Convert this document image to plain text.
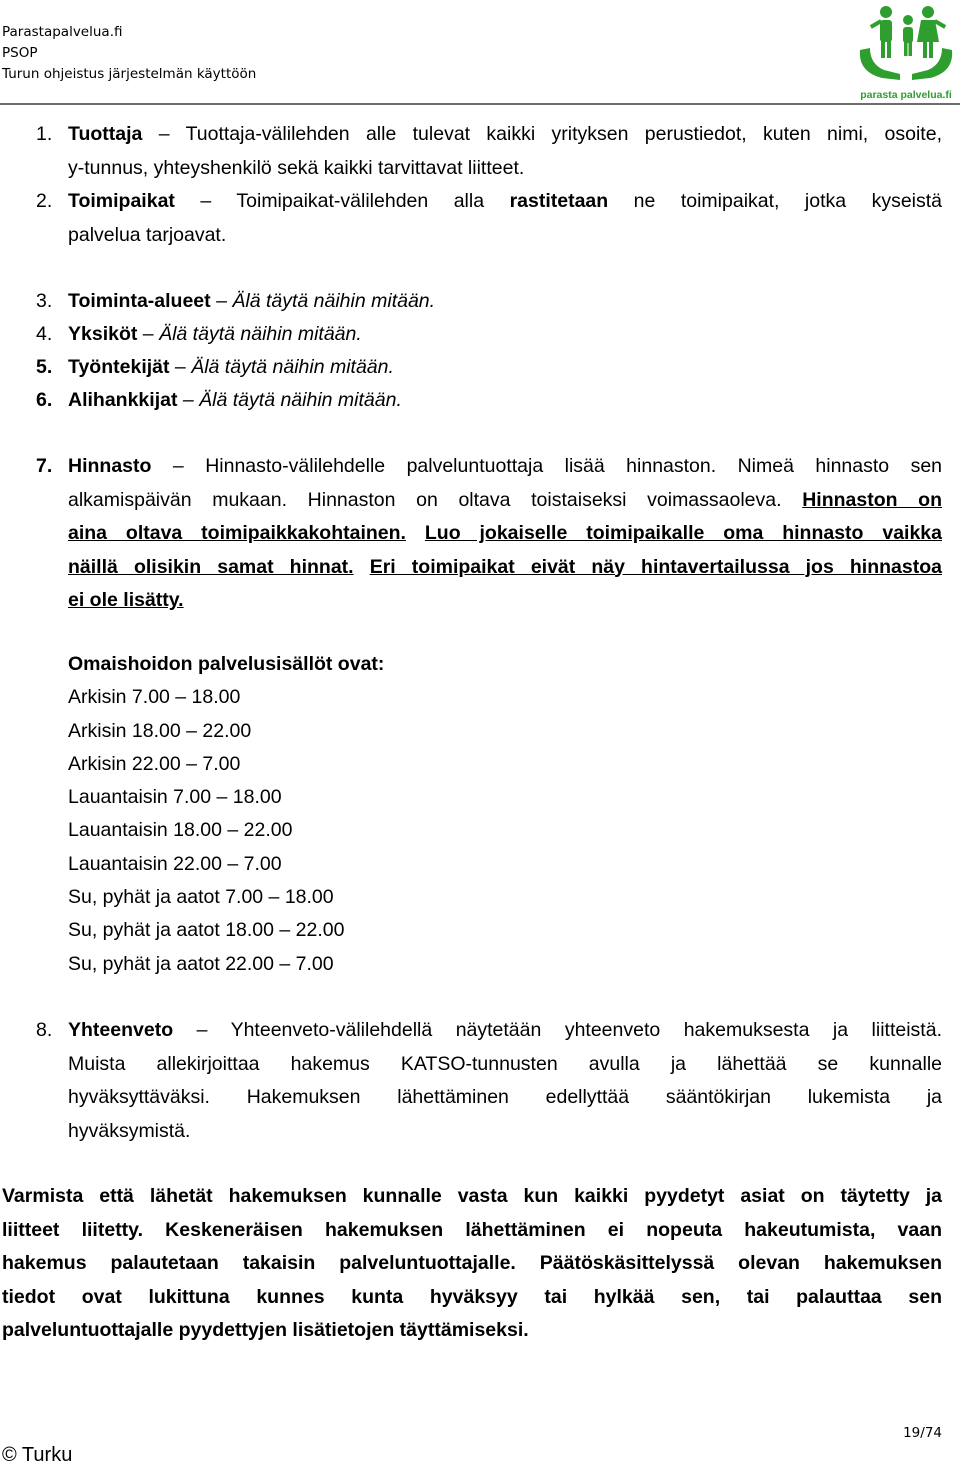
Parastapalvelua.fi
PSOP
Turun ohjeistus järjestelmän käyttöön
parasta palvelua.fi
1. Tuottaja – Tuottaja-välilehden alle tulevat kaikki yrityksen perustiedot, kuten nimi, osoite,
y-tunnus, yhteyshenkilö sekä kaikki tarvittavat liitteet.
2. Toimipaikat – Toimipaikat-välilehden alla rastitetaan ne toimipaikat, jotka kyseistä
palvelua tarjoavat.
3. Toiminta-alueet – Älä täytä näihin mitään.
4. Yksiköt – Älä täytä näihin mitään.
5. Työntekijät – Älä täytä näihin mitään.
6. Alihankkijat – Älä täytä näihin mitään.
7. Hinnasto – Hinnasto-välilehdelle palveluntuottaja lisää hinnaston. Nimeä hinnasto sen
alkamispäivän mukaan. Hinnaston on oltava toistaiseksi voimassaoleva. Hinnaston on
aina oltava toimipaikkakohtainen. Luo jokaiselle toimipaikalle oma hinnasto vaikka
näillä olisikin samat hinnat. Eri toimipaikat eivät näy hintavertailussa jos hinnastoa
ei ole lisätty.
Omaishoidon palvelusisällöt ovat:
Arkisin 7.00 – 18.00
Arkisin 18.00 – 22.00
Arkisin 22.00 – 7.00
Lauantaisin 7.00 – 18.00
Lauantaisin 18.00 – 22.00
Lauantaisin 22.00 – 7.00
Su, pyhät ja aatot 7.00 – 18.00
Su, pyhät ja aatot 18.00 – 22.00
Su, pyhät ja aatot 22.00 – 7.00
8. Yhteenveto – Yhteenveto-välilehdellä näytetään yhteenveto hakemuksesta ja liitteistä.
Muista allekirjoittaa hakemus KATSO-tunnusten avulla ja lähettää se kunnalle
hyväksyttäväksi. Hakemuksen lähettäminen edellyttää sääntökirjan lukemista ja
hyväksymistä.
Varmista että lähetät hakemuksen kunnalle vasta kun kaikki pyydetyt asiat on täytetty ja
liitteet liitetty. Keskeneräisen hakemuksen lähettäminen ei nopeuta hakeutumista, vaan
hakemus palautetaan takaisin palveluntuottajalle. Päätöskäsittelyssä olevan hakemuksen
tiedot ovat lukittuna kunnes kunta hyväksyy tai hylkää sen, tai palauttaa sen
palveluntuottajalle pyydettyjen lisätietojen täyttämiseksi.
19/74
© Turku
